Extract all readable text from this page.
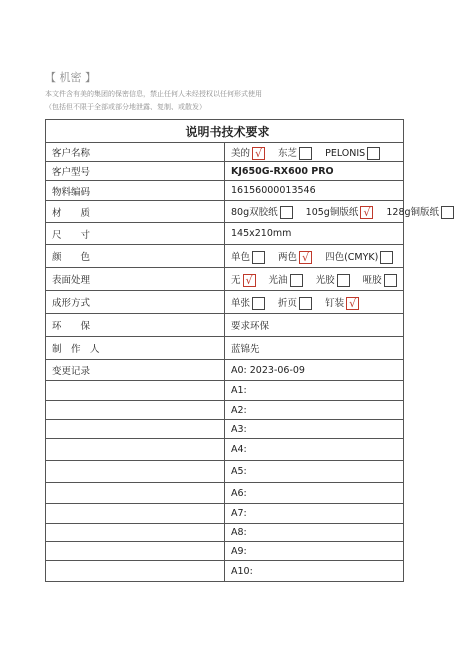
【 机密 】
本文件含有美的集团的保密信息，禁止任何人未经授权以任何形式使用
（包括但不限于全部或部分地泄露、复制、或散发）
说明书技术要求	
客户名称	美的 √ 东芝 PELONIS
客户型号	KJ650G-RX600 PRO
物料编码	16156000013546
材　　质	80g双胶纸 105g铜版纸 √ 128g铜版纸
尺　　寸	145x210mm
颜　　色	单色 两色 √ 四色(CMYK)
表面处理	无 √ 光油 光胶 哑胶
成形方式	单张 折页 钉装 √
环　　保	要求环保
制　作　人	蓝锦先
变更记录	A0: 2023-06-09
	A1:
	A2:
	A3:
	A4:
	A5:
	A6:
	A7:
	A8:
	A9:
	A10:
